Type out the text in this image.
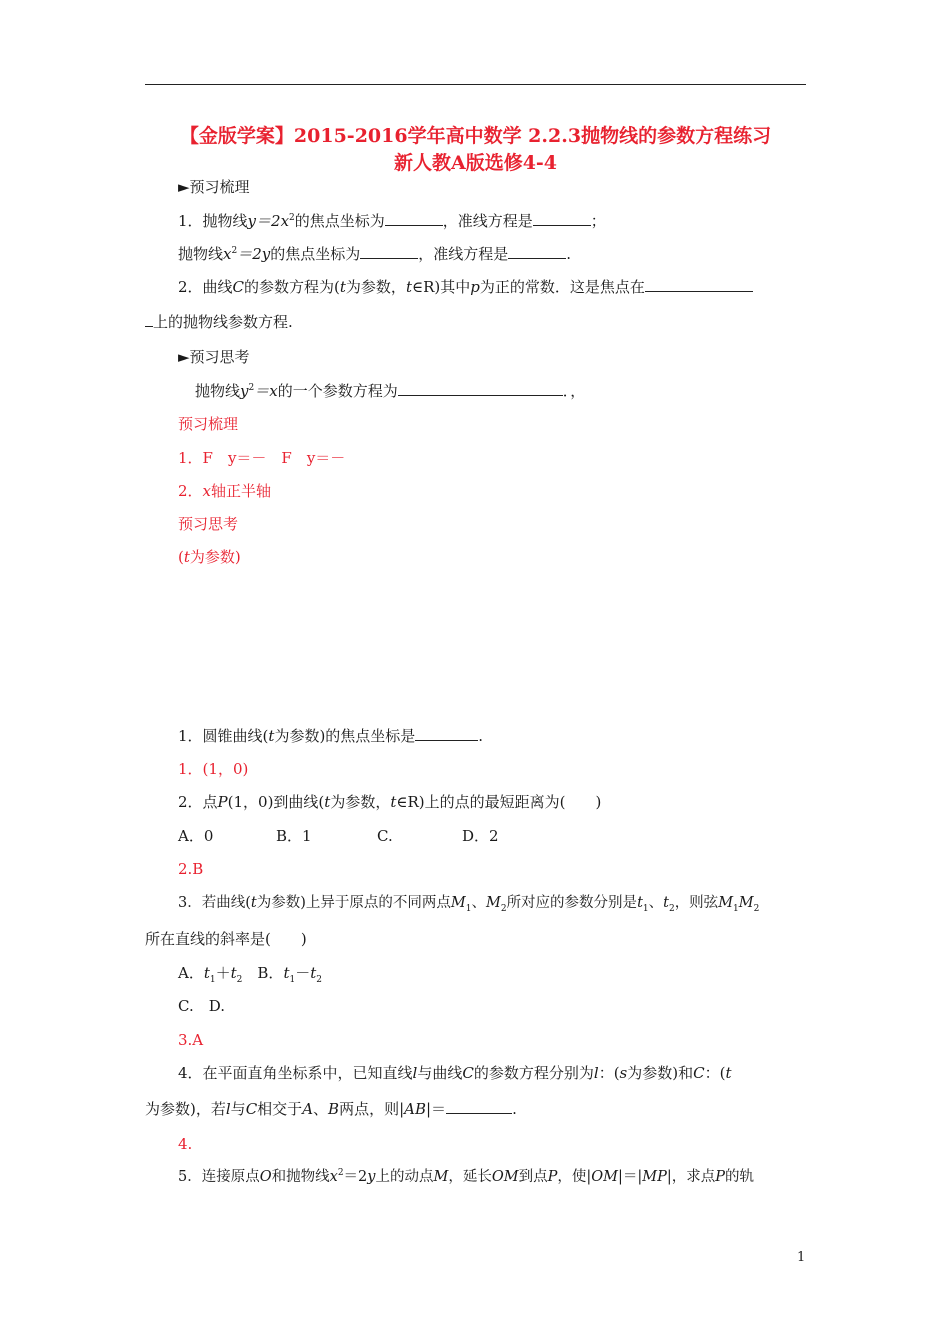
【金版学案】2015-2016学年高中数学 2.2.3抛物线的参数方程练习
新人教A版选修4-4
►预习梳理
1．抛物线$y=2x^2$的焦点坐标为	，准线方程是	；
抛物线$x^2=2y$的焦点坐标为	，准线方程是	.
2．曲线C的参数方程为(t为参数，t∈R)其中p为正的常数．这是焦点在
上的抛物线参数方程.
►预习思考
抛物线$y^2=x$的一个参数方程为	．，
预习梳理
1．F　y＝－　F　y＝－
2．x轴正半轴
预习思考
(t为参数)
1．圆锥曲线(t为参数)的焦点坐标是	.
1．(1，0)
2．点P(1，0)到曲线(t为参数，t∈R)上的点的最短距离为(　　)
A．0	B．1	C.	D．2
2.B
3．若曲线(t为参数)上异于原点的不同两点$M_1$、$M_2$所对应的参数分别是$t_1$、$t_2$，则弦$M_1M_2$
所在直线的斜率是(　　)
A．$t_1+t_2$　 B．$t_1-t_2$
C.　D.
3.A
4．在平面直角坐标系中，已知直线l与曲线C的参数方程分别为l：(s为参数)和C：(t
为参数)，若l与C相交于A、B两点，则|AB|＝	.
4.
5．连接原点O和抛物线$x^2=2y$上的动点M，延长OM到点P，使|OM|＝|MP|，求点P的轨
1
